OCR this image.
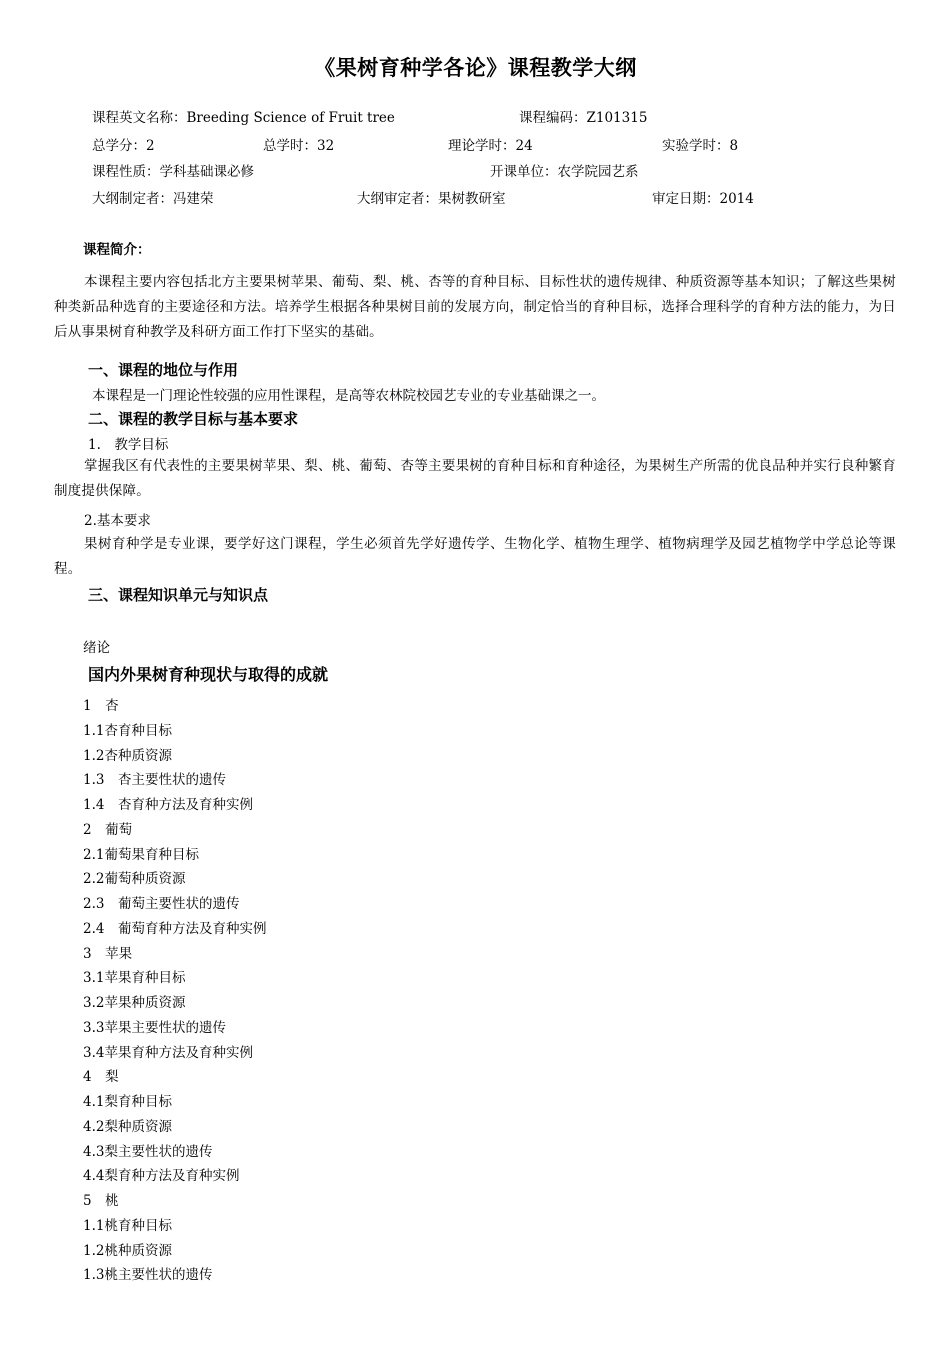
《果树育种学各论》课程教学大纲
课程英文名称：Breeding Science of Fruit tree	课程编码：Z101315
总学分：2	总学时：32	理论学时：24	实验学时：8
课程性质：学科基础课必修	开课单位：农学院园艺系
大纲制定者：冯建荣	大纲审定者：果树教研室	审定日期：2014
课程简介：
本课程主要内容包括北方主要果树苹果、葡萄、梨、桃、杏等的育种目标、目标性状的遗传规律、种质资源等基本知识；了解这些果树种类新品种选育的主要途径和方法。培养学生根据各种果树目前的发展方向，制定恰当的育种目标，选择合理科学的育种方法的能力，为日后从事果树育种教学及科研方面工作打下坚实的基础。
一、课程的地位与作用
本课程是一门理论性较强的应用性课程，是高等农林院校园艺专业的专业基础课之一。
二、课程的教学目标与基本要求
1.　教学目标
掌握我区有代表性的主要果树苹果、梨、桃、葡萄、杏等主要果树的育种目标和育种途径，为果树生产所需的优良品种并实行良种繁育制度提供保障。
2.基本要求
果树育种学是专业课，要学好这门课程，学生必须首先学好遗传学、生物化学、植物生理学、植物病理学及园艺植物学中学总论等课程。
三、课程知识单元与知识点
绪论
国内外果树育种现状与取得的成就
1　杏
1.1杏育种目标
1.2杏种质资源
1.3　杏主要性状的遗传
1.4　杏育种方法及育种实例
2　葡萄
2.1葡萄果育种目标
2.2葡萄种质资源
2.3　葡萄主要性状的遗传
2.4　葡萄育种方法及育种实例
3　苹果
3.1苹果育种目标
3.2苹果种质资源
3.3苹果主要性状的遗传
3.4苹果育种方法及育种实例
4　梨
4.1梨育种目标
4.2梨种质资源
4.3梨主要性状的遗传
4.4梨育种方法及育种实例
5　桃
1.1桃育种目标
1.2桃种质资源
1.3桃主要性状的遗传
